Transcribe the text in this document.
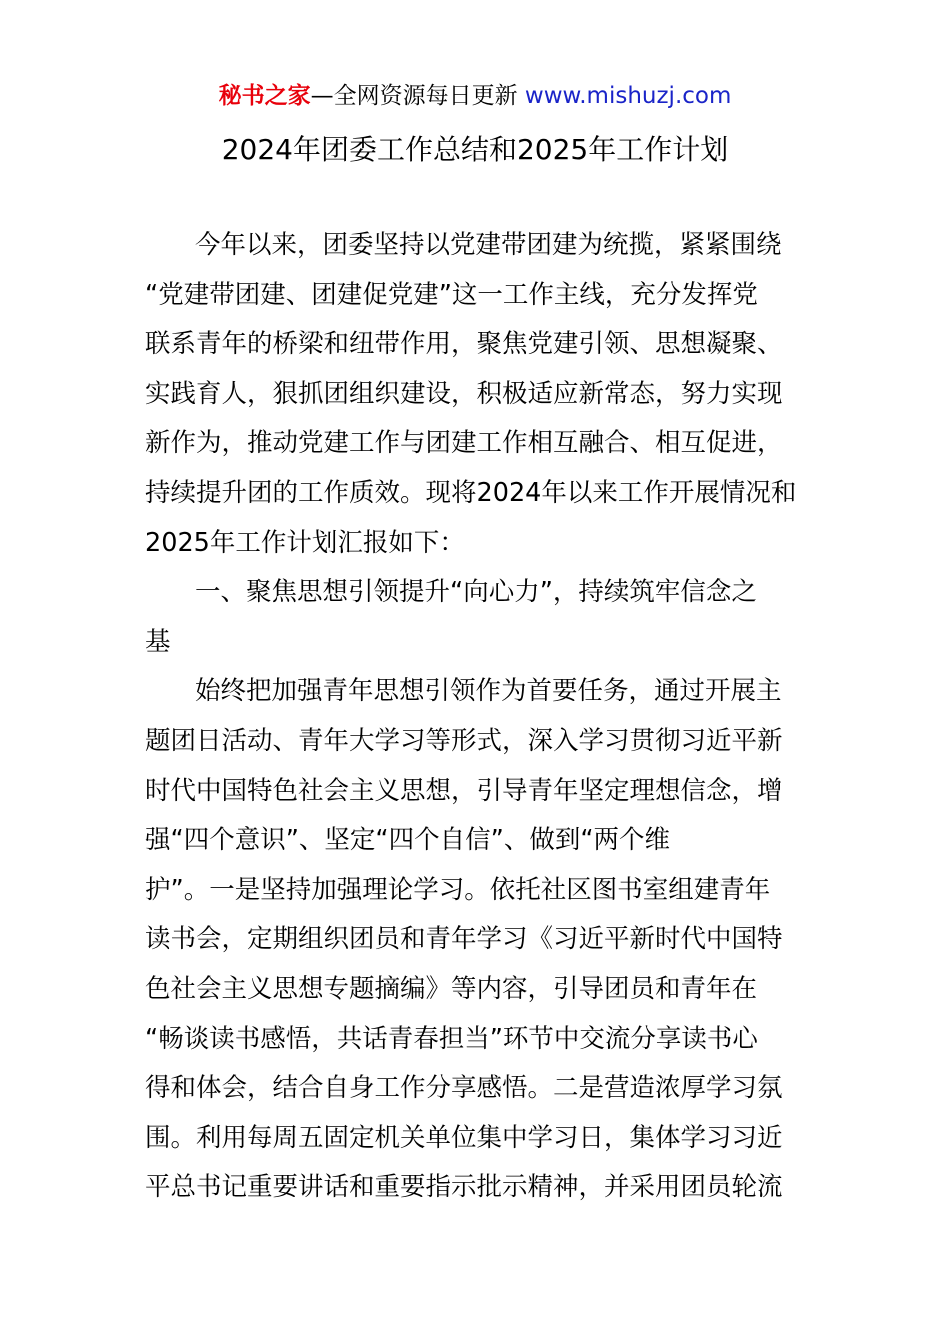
秘书之家—全网资源每日更新 www.mishuzj.com
2024年团委工作总结和2025年工作计划
今年以来，团委坚持以党建带团建为统揽，紧紧围绕
“党建带团建、团建促党建”这一工作主线，充分发挥党
联系青年的桥梁和纽带作用，聚焦党建引领、思想凝聚、
实践育人，狠抓团组织建设，积极适应新常态，努力实现
新作为，推动党建工作与团建工作相互融合、相互促进，
持续提升团的工作质效。现将2024年以来工作开展情况和
2025年工作计划汇报如下：
一、聚焦思想引领提升“向心力”，持续筑牢信念之
基
始终把加强青年思想引领作为首要任务，通过开展主
题团日活动、青年大学习等形式，深入学习贯彻习近平新
时代中国特色社会主义思想，引导青年坚定理想信念，增
强“四个意识”、坚定“四个自信”、做到“两个维
护”。一是坚持加强理论学习。依托社区图书室组建青年
读书会，定期组织团员和青年学习《习近平新时代中国特
色社会主义思想专题摘编》等内容，引导团员和青年在
“畅谈读书感悟，共话青春担当”环节中交流分享读书心
得和体会，结合自身工作分享感悟。二是营造浓厚学习氛
围。利用每周五固定机关单位集中学习日，集体学习习近
平总书记重要讲话和重要指示批示精神，并采用团员轮流
